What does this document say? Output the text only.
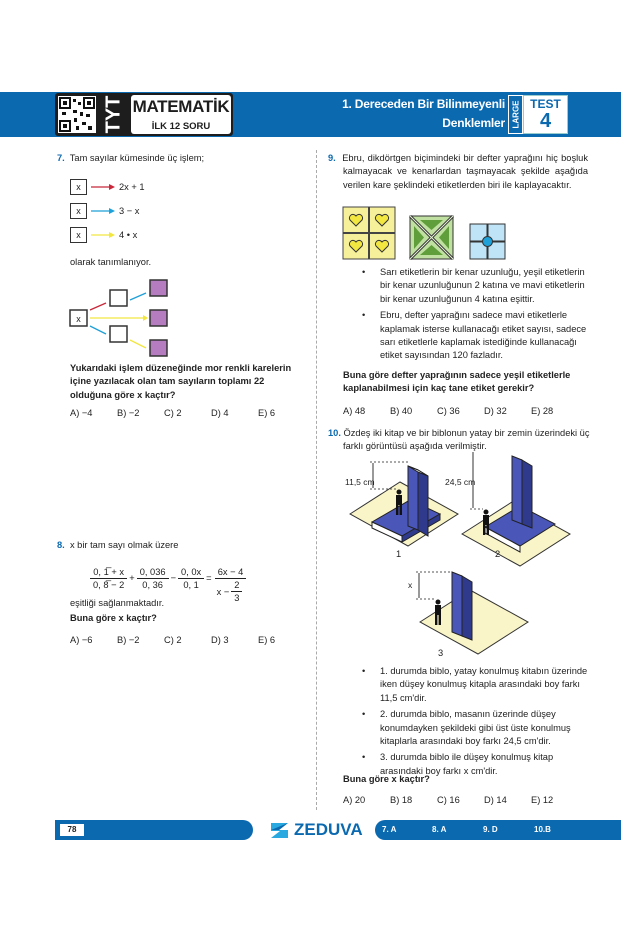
TYT MATEMATİK
İLK 12 SORU
1. Dereceden Bir Bilinmeyenli
Denklemler LARGE TEST
4
7. Tam sayılar kümesinde üç işlem;
x	2x + 1
x	3 − x
x	4 • x
olarak tanımlanıyor.
x
Yukarıdaki işlem düzeneğinde mor renkli karelerin içine yazılacak olan tam sayıların toplamı 22 olduğuna göre x kaçtır?
A) −4	B) −2	C) 2	D) 4	E) 6
8. x bir tam sayı olmak üzere
$\frac{0, 1̅ + x}{0, 8̅ - 2} + \frac{0, 036}{0, 36} - \frac{0, 0x}{0, 1} = \frac{6x - 4}{x - \frac{2}{3}}$
eşitliği sağlanmaktadır.
Buna göre x kaçtır?
A) −6	B) −2	C) 2	D) 3	E) 6
9. Ebru, dikdörtgen biçimindeki bir defter yaprağını hiç boşluk kalmayacak ve kenarlardan taşmayacak şekilde aşağıda verilen kare şeklindeki etiketlerden biri ile kaplayacaktır.
• Sarı etiketlerin bir kenar uzunluğu, yeşil etiketlerin bir kenar uzunluğunun 2 katına ve mavi etiketlerin bir kenar uzunluğunun 4 katına eşittir.
• Ebru, defter yaprağını sadece mavi etiketlerle kaplamak isterse kullanacağı etiket sayısı, sadece sarı etiketlerle kaplamak istediğinde kullanacağı etiket sayısından 120 fazladır.
Buna göre defter yaprağının sadece yeşil etiketlerle kaplanabilmesi için kaç tane etiket gerekir?
A) 48	B) 40	C) 36	D) 32	E) 28
10. Özdeş iki kitap ve bir biblonun yatay bir zemin üzerindeki üç farklı görüntüsü aşağıda verilmiştir.
11,5 cm	24,5 cm
x
1	2
3
• 1. durumda biblo, yatay konulmuş kitabın üzerinde iken düşey konulmuş kitapla arasındaki boy farkı 11,5 cm'dir.
• 2. durumda biblo, masanın üzerinde düşey konumdayken şekildeki gibi üst üste konulmuş kitaplarla arasındaki boy farkı 24,5 cm'dir.
• 3. durumda biblo ile düşey konulmuş kitap arasındaki boy farkı x cm'dir.
Buna göre x kaçtır?
A) 20	B) 18	C) 16	D) 14	E) 12
78	ZEDUVA 7. A	8. A	9. D	10.B
